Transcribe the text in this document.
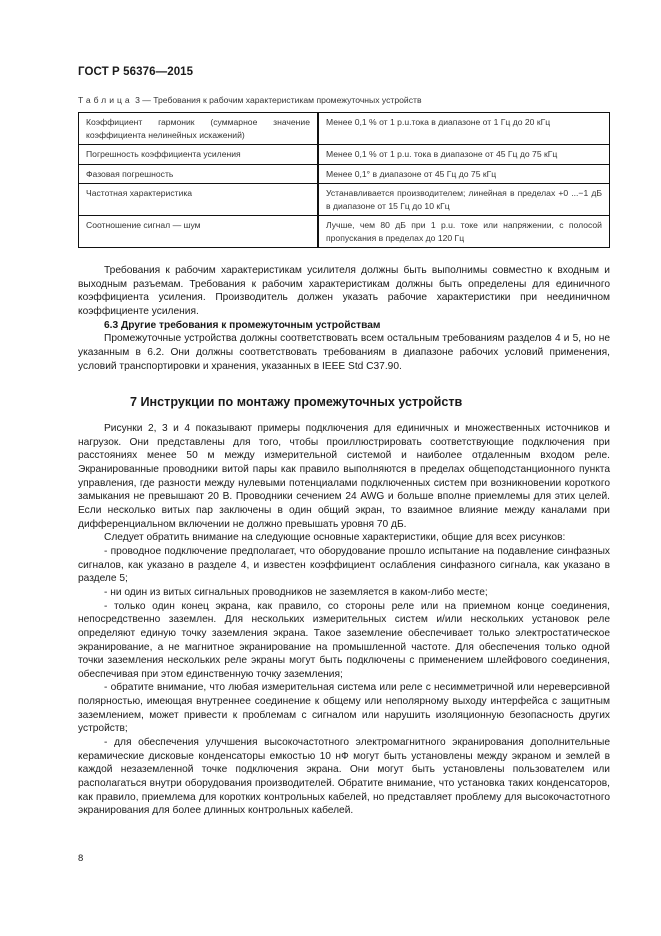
ГОСТ Р 56376—2015
Таблица 3 — Требования к рабочим характеристикам промежуточных устройств
Коэффициент гармоник (суммарное значение коэффициента нелинейных искажений)	Менее 0,1 % от 1 p.u.тока в диапазоне от 1 Гц до 20 кГц
Погрешность коэффициента усиления	Менее 0,1 % от 1 p.u. тока в диапазоне от 45 Гц до 75 кГц
Фазовая погрешность	Менее 0,1° в диапазоне от 45 Гц до 75 кГц
Частотная характеристика	Устанавливается производителем; линейная в пределах +0 ...−1 дБ в диапазоне от 15 Гц до 10 кГц
Соотношение сигнал — шум	Лучше, чем 80 дБ при 1 p.u. токе или напряжении, с полосой пропускания в пределах до 120 Гц

Требования к рабочим характеристикам усилителя должны быть выполнимы совместно к входным и выходным разъемам. Требования к рабочим характеристикам должны быть определены для единичного коэффициента усиления. Производитель должен указать рабочие характеристики при неединичном коэффициенте усиления.

6.3 Другие требования к промежуточным устройствам

Промежуточные устройства должны соответствовать всем остальным требованиям разделов 4 и 5, но не указанным в 6.2. Они должны соответствовать требованиям в диапазоне рабочих условий применения, условий транспортировки и хранения, указанных в IEEE Std C37.90.

7 Инструкции по монтажу промежуточных устройств

Рисунки 2, 3 и 4 показывают примеры подключения для единичных и множественных источников и нагрузок. Они представлены для того, чтобы проиллюстрировать соответствующие подключения при расстояниях менее 50 м между измерительной системой и наиболее отдаленным входом реле. Экранированные проводники витой пары как правило выполняются в пределах общеподстанционного пункта управления, где разности между нулевыми потенциалами подключенных систем при возникновении короткого замыкания не превышают 20 В. Проводники сечением 24 AWG и больше вполне приемлемы для этих целей. Если несколько витых пар заключены в один общий экран, то взаимное влияние между каналами при дифференциальном включении не должно превышать уровня 70 дБ.

Следует обратить внимание на следующие основные характеристики, общие для всех рисунков:

- проводное подключение предполагает, что оборудование прошло испытание на подавление синфазных сигналов, как указано в разделе 4, и известен коэффициент ослабления синфазного сигнала, как указано в разделе 5;

- ни один из витых сигнальных проводников не заземляется в каком-либо месте;

- только один конец экрана, как правило, со стороны реле или на приемном конце соединения, непосредственно заземлен. Для нескольких измерительных систем и/или нескольких установок реле определяют единую точку заземления экрана. Такое заземление обеспечивает только электростатическое экранирование, а не магнитное экранирование на промышленной частоте. Для обеспечения только одной точки заземления нескольких реле экраны могут быть подключены с применением шлейфового соединения, обеспечивая при этом единственную точку заземления;

- обратите внимание, что любая измерительная система или реле с несимметричной или нереверсивной полярностью, имеющая внутреннее соединение к общему или неполярному выходу интерфейса с защитным заземлением, может привести к проблемам с сигналом или нарушить изоляционную безопасность других устройств;

- для обеспечения улучшения высокочастотного электромагнитного экранирования дополнительные керамические дисковые конденсаторы емкостью 10 нФ могут быть установлены между экраном и землей в каждой незаземленной точке подключения экрана. Они могут быть установлены пользователем или располагаться внутри оборудования производителей. Обратите внимание, что установка таких конденсаторов, как правило, приемлема для коротких контрольных кабелей, но представляет проблему для высокочастотного экранирования для более длинных контрольных кабелей.

8
